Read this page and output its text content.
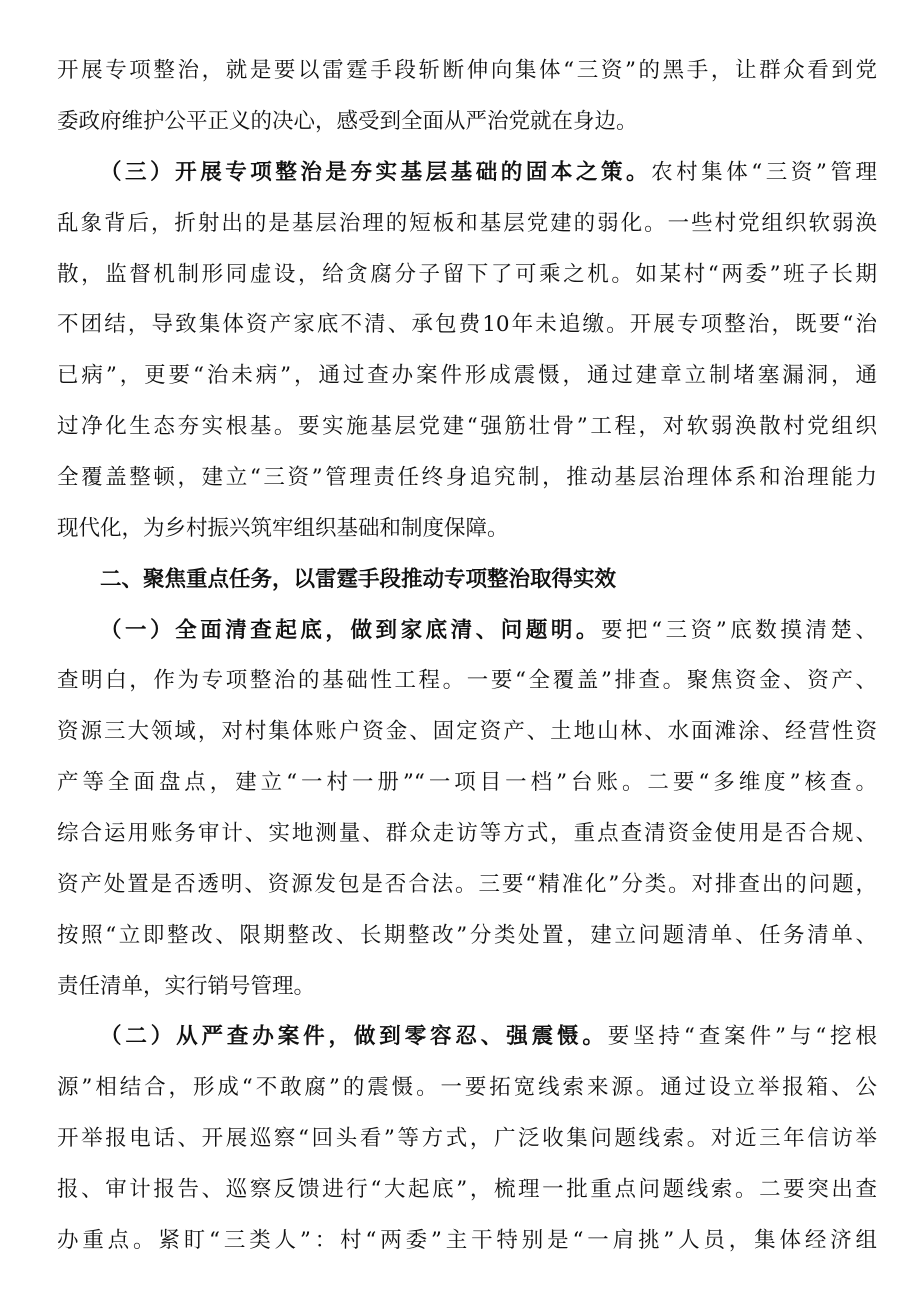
开展专项整治，就是要以雷霆手段斩断伸向集体“三资”的黑手，让群众看到党
委政府维护公平正义的决心，感受到全面从严治党就在身边。
（三）开展专项整治是夯实基层基础的固本之策。农村集体“三资”管理
乱象背后，折射出的是基层治理的短板和基层党建的弱化。一些村党组织软弱涣
散，监督机制形同虚设，给贪腐分子留下了可乘之机。如某村“两委”班子长期
不团结，导致集体资产家底不清、承包费10年未追缴。开展专项整治，既要“治
已病”，更要“治未病”，通过查办案件形成震慑，通过建章立制堵塞漏洞，通
过净化生态夯实根基。要实施基层党建“强筋壮骨”工程，对软弱涣散村党组织
全覆盖整顿，建立“三资”管理责任终身追究制，推动基层治理体系和治理能力
现代化，为乡村振兴筑牢组织基础和制度保障。
二、聚焦重点任务，以雷霆手段推动专项整治取得实效
（一）全面清查起底，做到家底清、问题明。要把“三资”底数摸清楚、
查明白，作为专项整治的基础性工程。一要“全覆盖”排查。聚焦资金、资产、
资源三大领域，对村集体账户资金、固定资产、土地山林、水面滩涂、经营性资
产等全面盘点，建立“一村一册”“一项目一档”台账。二要“多维度”核查。
综合运用账务审计、实地测量、群众走访等方式，重点查清资金使用是否合规、
资产处置是否透明、资源发包是否合法。三要“精准化”分类。对排查出的问题，
按照“立即整改、限期整改、长期整改”分类处置，建立问题清单、任务清单、
责任清单，实行销号管理。
（二）从严查办案件，做到零容忍、强震慑。要坚持“查案件”与“挖根
源”相结合，形成“不敢腐”的震慑。一要拓宽线索来源。通过设立举报箱、公
开举报电话、开展巡察“回头看”等方式，广泛收集问题线索。对近三年信访举
报、审计报告、巡察反馈进行“大起底”，梳理一批重点问题线索。二要突出查
办重点。紧盯“三类人”：村“两委”主干特别是“一肩挑”人员，集体经济组
